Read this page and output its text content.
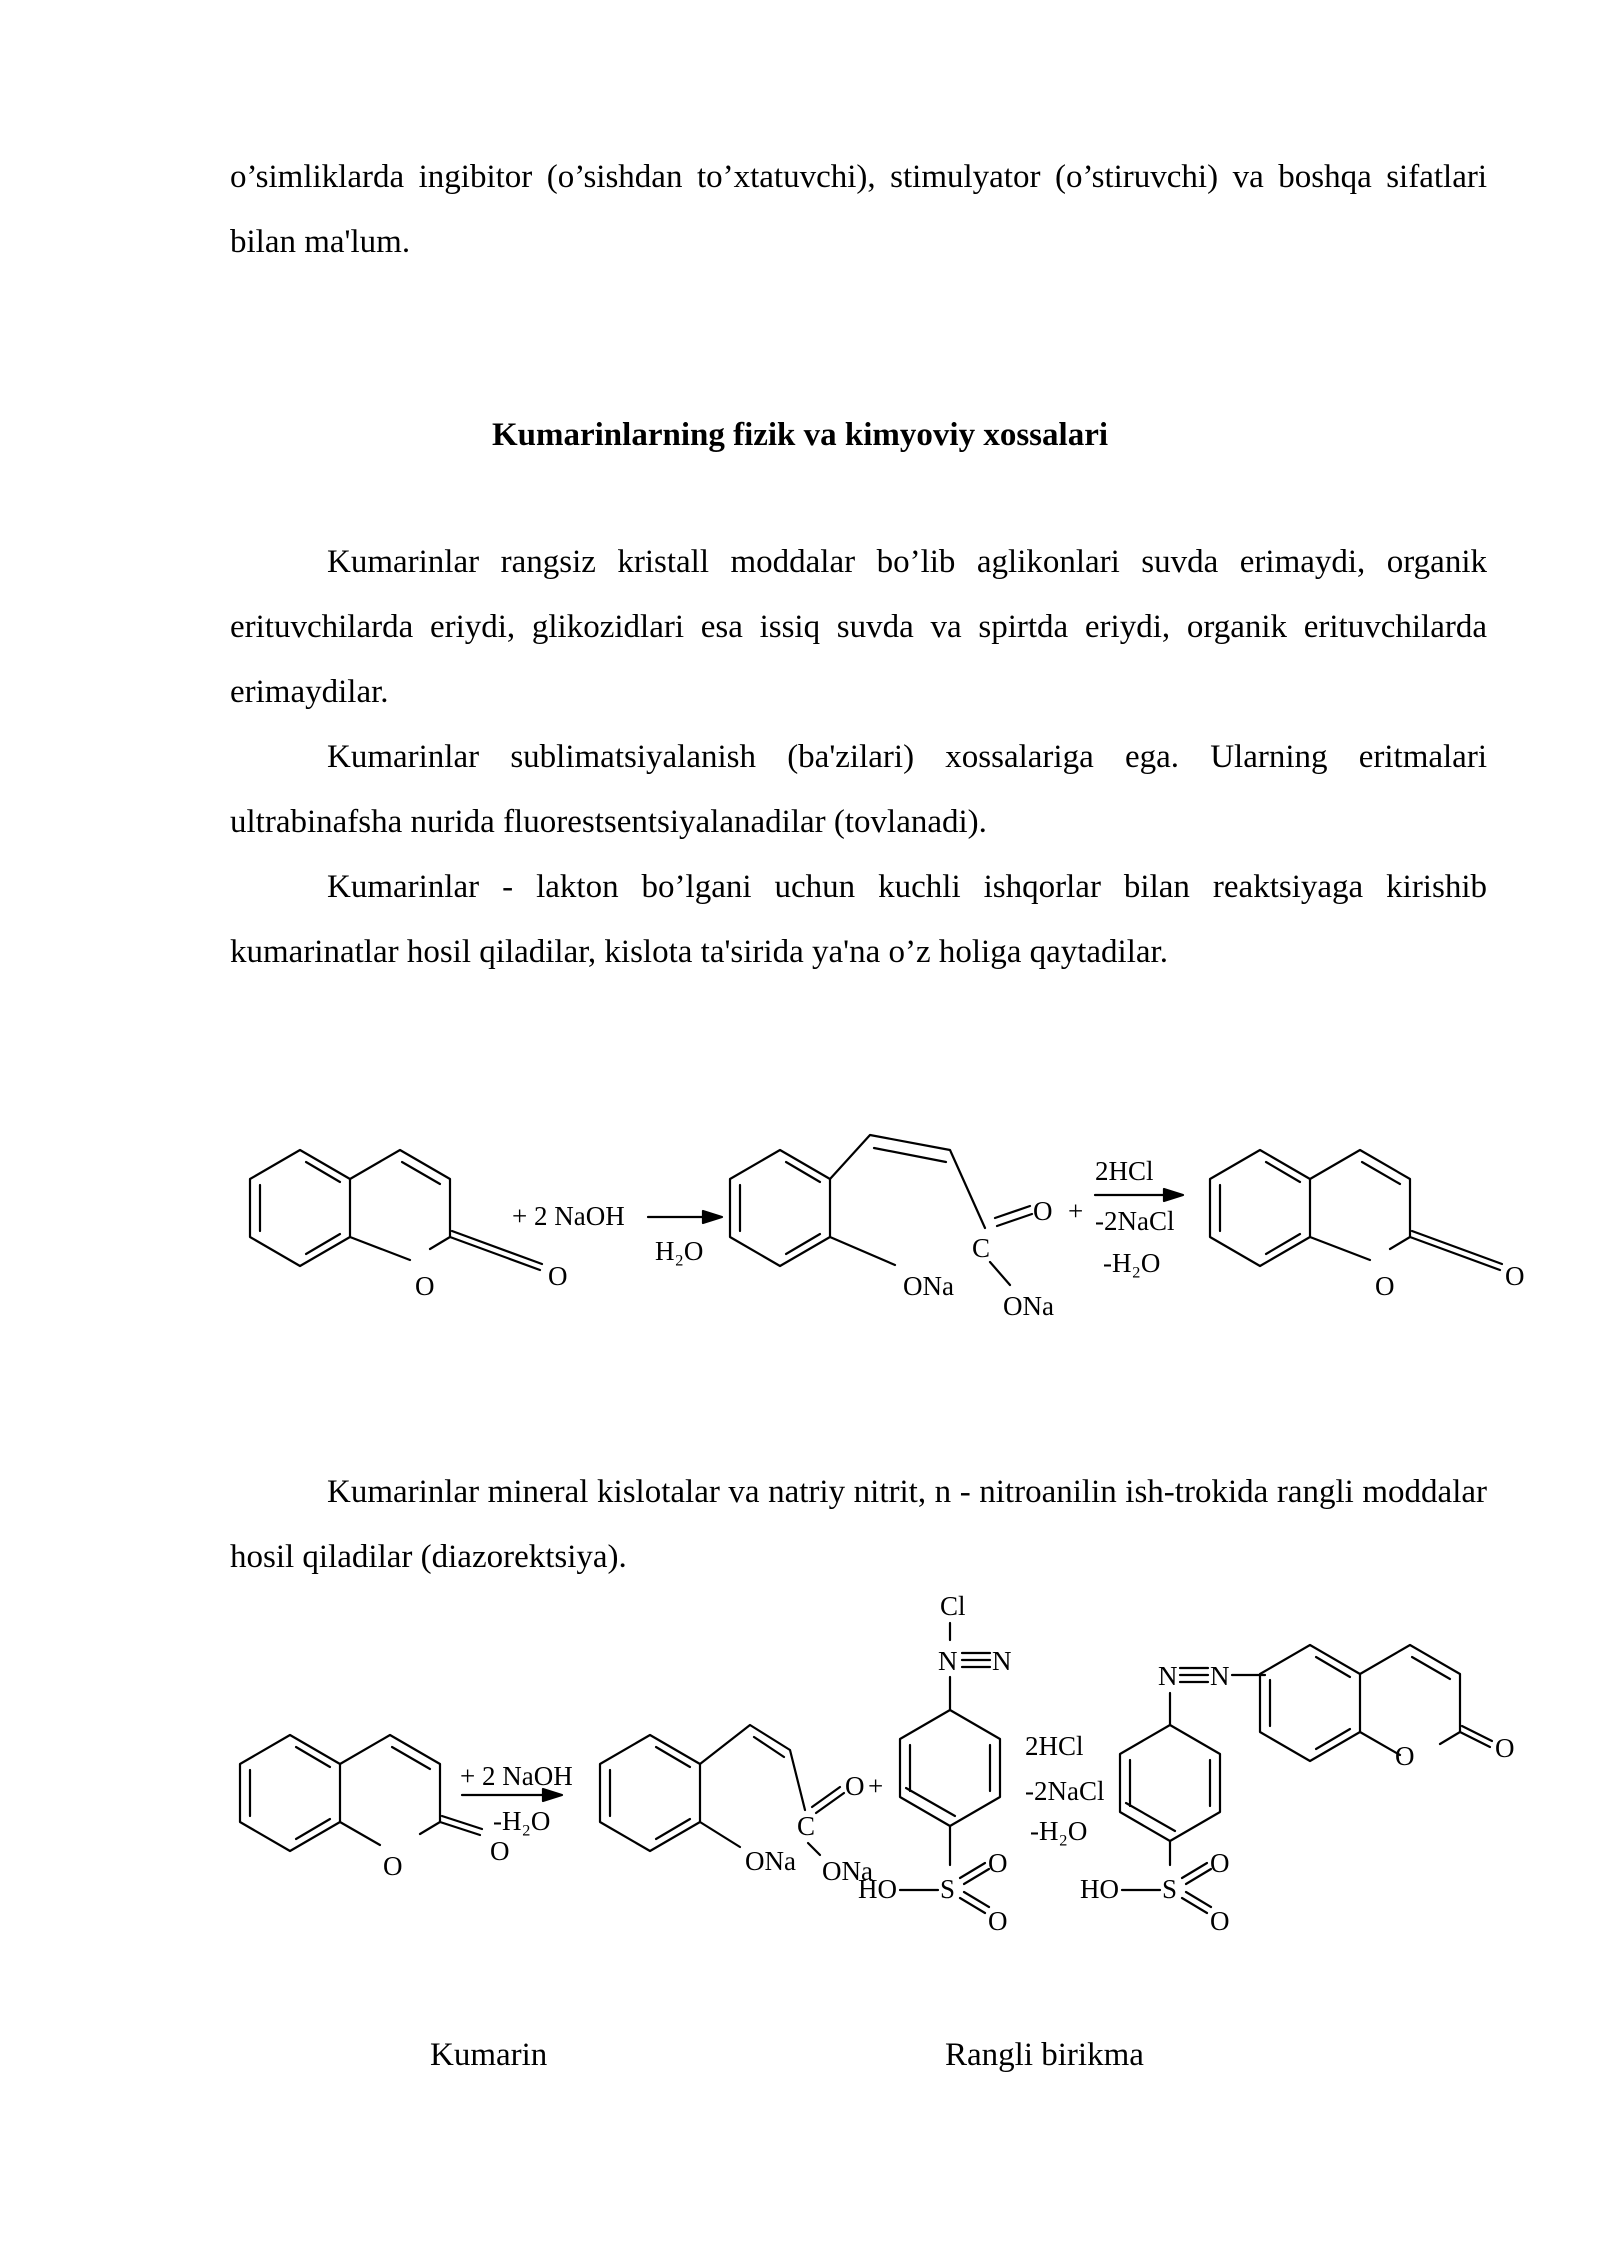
o’simliklarda ingibitor (o’sishdan to’xtatuvchi), stimulyator (o’stiruvchi) va boshqa sifatlari bilan ma'lum.

Kumarinlarning fizik va kimyoviy xossalari

Kumarinlar rangsiz kristall moddalar bo’lib aglikonlari suvda erimaydi, organik erituvchilarda eriydi, glikozidlari esa issiq suvda va spirtda eriydi, organik erituvchilarda erimaydilar.

Kumarinlar sublimatsiyalanish (ba'zilari) xossalariga ega. Ularning eritmalari ultrabinafsha nurida fluorestsentsiyalanadilar (tovlanadi).

Kumarinlar - lakton bo’lgani uchun kuchli ishqorlar bilan reaktsiyaga kirishib kumarinatlar hosil qiladilar, kislota ta'sirida ya'na o’z holiga qaytadilar.

O	O
+ 2 NaOH
H₂O
ONa
ONa
C
O +
2HCl
-2NaCl
-H₂O
O	O

Kumarinlar mineral kislotalar va natriy nitrit, n - nitroanilin ish-trokida rangli moddalar hosil qiladilar (diazorektsiya).

O	O
+ 2 NaOH
-H₂O
ONa ONa
C
O +
Cl
N N
HO S
O
O
2HCl
-2NaCl
-H₂O
N N
HO S
O
O
O	O

Kumarin	Rangli birikma
